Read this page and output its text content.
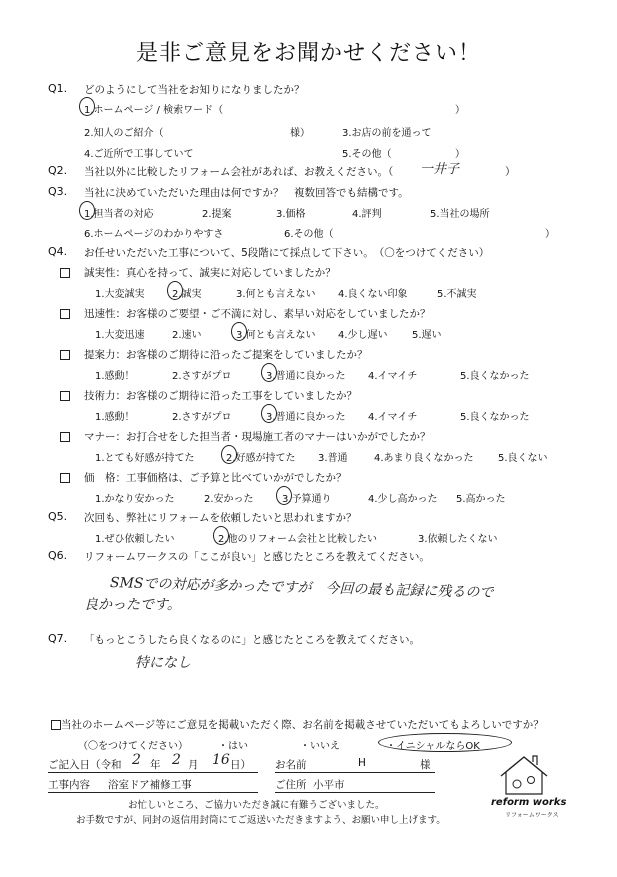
是非ご意見をお聞かせください！
Q1. どのようにして当社をお知りになりましたか？
1.ホームページ / 検索ワード（	）
2.知人のご紹介（	様）	3.お店の前を通って
4.ご近所で工事していて	5.その他（	）
Q2. 当社以外に比較したリフォーム会社があれば、お教えください。（ 一井子	）
Q3. 当社に決めていただいた理由は何ですか？　複数回答でも結構です。
1.担当者の対応	2.提案	3.価格	4.評判	5.当社の場所
6.ホームページのわかりやすさ	6.その他（	）
Q4. お任せいただいた工事について、5段階にて採点して下さい。　（〇をつけてください）
誠実性：真心を持って、誠実に対応していましたか？
1.大変誠実	2.誠実	3.何とも言えない 4.良くない印象	5.不誠実
迅速性：お客様のご要望・ご不満に対し、素早い対応をしていましたか？
1.大変迅速	2.速い	3.何とも言えない 4.少し遅い 5.遅い
提案力：お客様のご期待に沿ったご提案をしていましたか？
1.感動！	2.さすがプロ	3.普通に良かった 4.イマイチ	5.良くなかった
技術力：お客様のご期待に沿った工事をしていましたか？
1.感動！	2.さすがプロ	3.普通に良かった 4.イマイチ	5.良くなかった
マナー：お打合せをした担当者・現場施工者のマナーはいかがでしたか？
1.とても好感が持てた	2.好感が持てた 3.普通	4.あまり良くなかった 5.良くない
価　格：工事価格は、ご予算と比べていかがでしたか？
1.かなり安かった	2.安かった	3.予算通り	4.少し高かった 5.高かった
Q5. 次回も、弊社にリフォームを依頼したいと思われますか？
1.ぜひ依頼したい	2.他のリフォーム会社と比較したい	3.依頼したくない
Q6. リフォームワークスの「ここが良い」と感じたところを教えてください。
SMSでの対応が多かったですが　今回の最も記録に残るので
良かったです。
Q7. 「もっとこうしたら良くなるのに」と感じたところを教えてください。
特になし
当社のホームページ等にご意見を掲載いただく際、お名前を掲載させていただいてもよろしいですか？
（〇をつけてください）	・はい	・いいえ	・イニシャルならOK
ご記入日（令和 2 年 2 月 16 日） お名前	H	様
工事内容 浴室ドア補修工事	ご住所 小平市
reform works
リフォームワークス
お忙しいところ、ご協力いただき誠に有難うございました。
お手数ですが、同封の返信用封筒にてご返送いただきますよう、お願い申し上げます。
